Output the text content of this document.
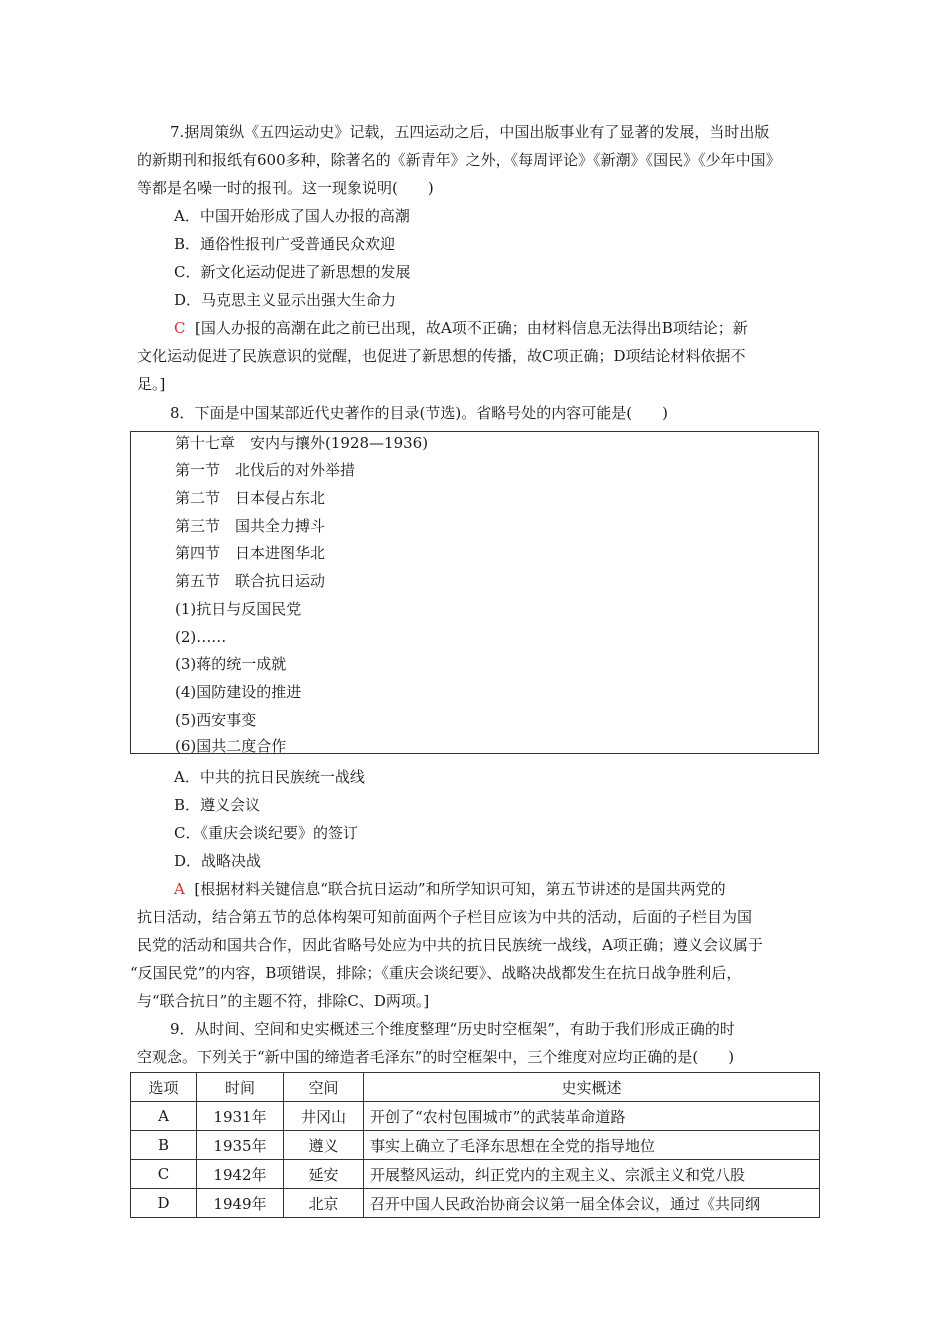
7.据周策纵《五四运动史》记载，五四运动之后，中国出版事业有了显著的发展，当时出版
的新期刊和报纸有600多种，除著名的《新青年》之外，《每周评论》《新潮》《国民》《少年中国》
等都是名噪一时的报刊。这一现象说明(　　)
A．中国开始形成了国人办报的高潮
B．通俗性报刊广受普通民众欢迎
C．新文化运动促进了新思想的发展
D．马克思主义显示出强大生命力
C [国人办报的高潮在此之前已出现，故A项不正确；由材料信息无法得出B项结论；新
文化运动促进了民族意识的觉醒，也促进了新思想的传播，故C项正确；D项结论材料依据不
足。]
8．下面是中国某部近代史著作的目录(节选)。省略号处的内容可能是(　　)
第十七章　安内与攘外(1928—1936)
第一节　北伐后的对外举措
第二节　日本侵占东北
第三节　国共全力搏斗
第四节　日本进图华北
第五节　联合抗日运动
(1)抗日与反国民党
(2)……
(3)蒋的统一成就
(4)国防建设的推进
(5)西安事变
(6)国共二度合作
A．中共的抗日民族统一战线
B．遵义会议
C．《重庆会谈纪要》的签订
D．战略决战
A [根据材料关键信息“联合抗日运动”和所学知识可知，第五节讲述的是国共两党的
抗日活动，结合第五节的总体构架可知前面两个子栏目应该为中共的活动，后面的子栏目为国
民党的活动和国共合作，因此省略号处应为中共的抗日民族统一战线，A项正确；遵义会议属于
“反国民党”的内容，B项错误，排除；《重庆会谈纪要》、战略决战都发生在抗日战争胜利后，
与“联合抗日”的主题不符，排除C、D两项。]
9．从时间、空间和史实概述三个维度整理“历史时空框架”，有助于我们形成正确的时
空观念。下列关于“新中国的缔造者毛泽东”的时空框架中，三个维度对应均正确的是(　　)
选项	时间	空间	史实概述
A	1931年	井冈山	开创了“农村包围城市”的武装革命道路
B	1935年	遵义	事实上确立了毛泽东思想在全党的指导地位
C	1942年	延安	开展整风运动，纠正党内的主观主义、宗派主义和党八股
D	1949年	北京	召开中国人民政治协商会议第一届全体会议，通过《共同纲
